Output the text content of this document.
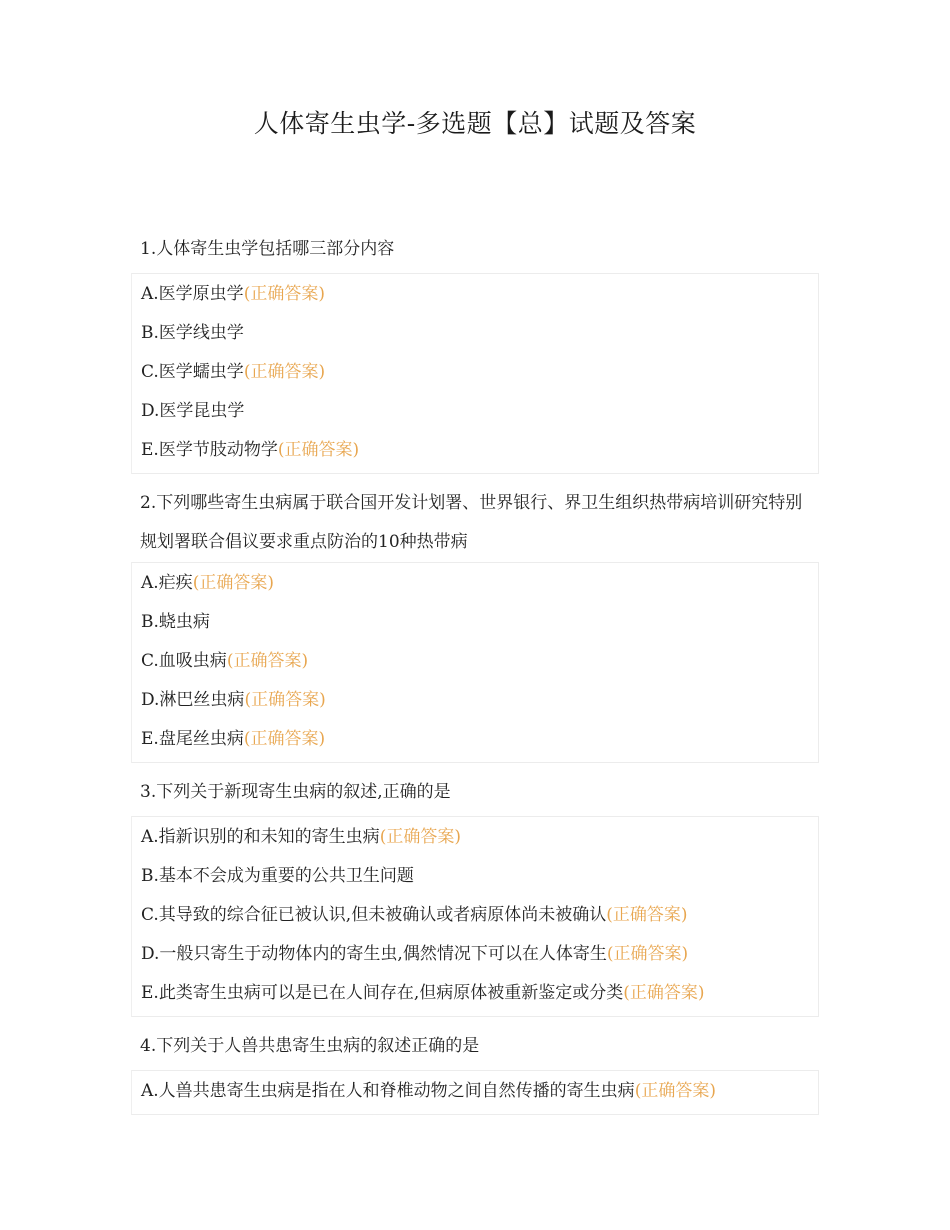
人体寄生虫学-多选题【总】试题及答案
1.人体寄生虫学包括哪三部分内容
A.医学原虫学(正确答案)
B.医学线虫学
C.医学蠕虫学(正确答案)
D.医学昆虫学
E.医学节肢动物学(正确答案)
2.下列哪些寄生虫病属于联合国开发计划署、世界银行、界卫生组织热带病培训研究特别规划署联合倡议要求重点防治的10种热带病
A.疟疾(正确答案)
B.蛲虫病
C.血吸虫病(正确答案)
D.淋巴丝虫病(正确答案)
E.盘尾丝虫病(正确答案)
3.下列关于新现寄生虫病的叙述,正确的是
A.指新识别的和未知的寄生虫病(正确答案)
B.基本不会成为重要的公共卫生问题
C.其导致的综合征已被认识,但未被确认或者病原体尚未被确认(正确答案)
D.一般只寄生于动物体内的寄生虫,偶然情况下可以在人体寄生(正确答案)
E.此类寄生虫病可以是已在人间存在,但病原体被重新鉴定或分类(正确答案)
4.下列关于人兽共患寄生虫病的叙述正确的是
A.人兽共患寄生虫病是指在人和脊椎动物之间自然传播的寄生虫病(正确答案)
